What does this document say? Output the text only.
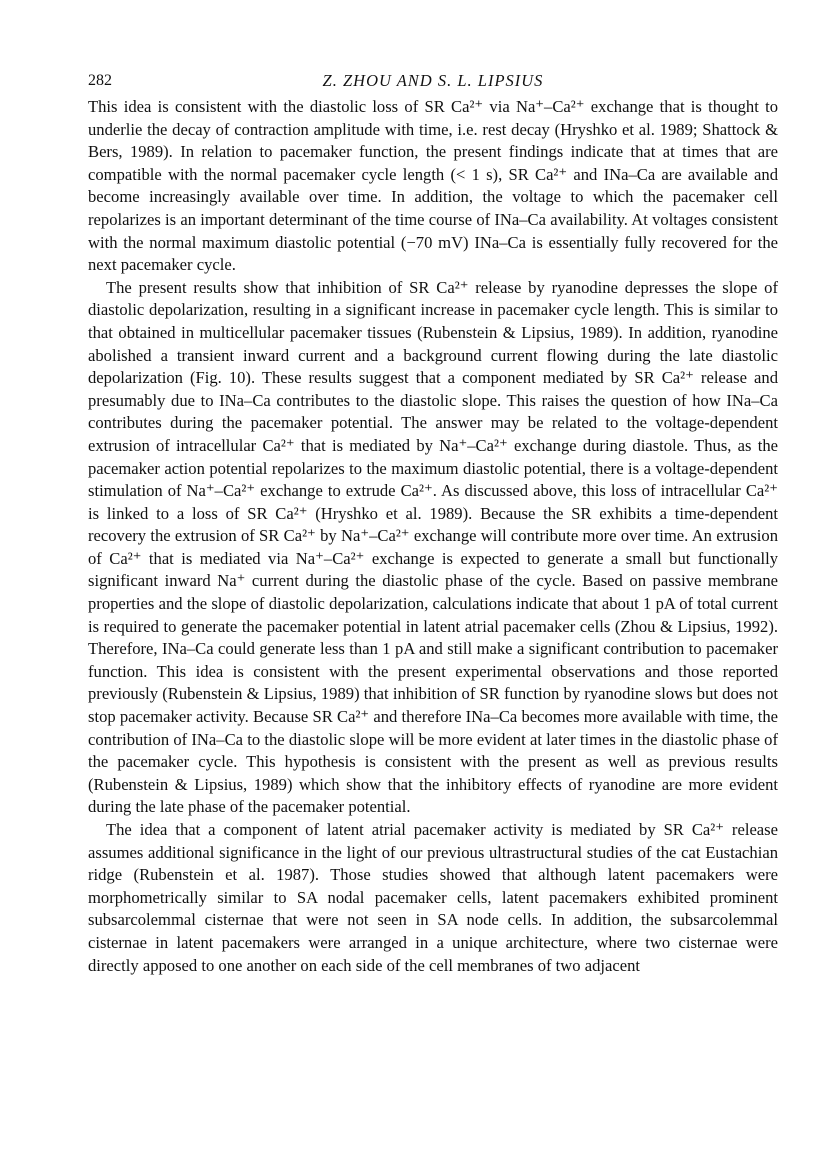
282	Z. ZHOU AND S. L. LIPSIUS

This idea is consistent with the diastolic loss of SR Ca²⁺ via Na⁺–Ca²⁺ exchange that is thought to underlie the decay of contraction amplitude with time, i.e. rest decay (Hryshko et al. 1989; Shattock & Bers, 1989). In relation to pacemaker function, the present findings indicate that at times that are compatible with the normal pacemaker cycle length (< 1 s), SR Ca²⁺ and INa–Ca are available and become increasingly available over time. In addition, the voltage to which the pacemaker cell repolarizes is an important determinant of the time course of INa–Ca availability. At voltages consistent with the normal maximum diastolic potential (−70 mV) INa–Ca is essentially fully recovered for the next pacemaker cycle.

The present results show that inhibition of SR Ca²⁺ release by ryanodine depresses the slope of diastolic depolarization, resulting in a significant increase in pacemaker cycle length. This is similar to that obtained in multicellular pacemaker tissues (Rubenstein & Lipsius, 1989). In addition, ryanodine abolished a transient inward current and a background current flowing during the late diastolic depolarization (Fig. 10). These results suggest that a component mediated by SR Ca²⁺ release and presumably due to INa–Ca contributes to the diastolic slope. This raises the question of how INa–Ca contributes during the pacemaker potential. The answer may be related to the voltage-dependent extrusion of intracellular Ca²⁺ that is mediated by Na⁺–Ca²⁺ exchange during diastole. Thus, as the pacemaker action potential repolarizes to the maximum diastolic potential, there is a voltage-dependent stimulation of Na⁺–Ca²⁺ exchange to extrude Ca²⁺. As discussed above, this loss of intracellular Ca²⁺ is linked to a loss of SR Ca²⁺ (Hryshko et al. 1989). Because the SR exhibits a time-dependent recovery the extrusion of SR Ca²⁺ by Na⁺–Ca²⁺ exchange will contribute more over time. An extrusion of Ca²⁺ that is mediated via Na⁺–Ca²⁺ exchange is expected to generate a small but functionally significant inward Na⁺ current during the diastolic phase of the cycle. Based on passive membrane properties and the slope of diastolic depolarization, calculations indicate that about 1 pA of total current is required to generate the pacemaker potential in latent atrial pacemaker cells (Zhou & Lipsius, 1992). Therefore, INa–Ca could generate less than 1 pA and still make a significant contribution to pacemaker function. This idea is consistent with the present experimental observations and those reported previously (Rubenstein & Lipsius, 1989) that inhibition of SR function by ryanodine slows but does not stop pacemaker activity. Because SR Ca²⁺ and therefore INa–Ca becomes more available with time, the contribution of INa–Ca to the diastolic slope will be more evident at later times in the diastolic phase of the pacemaker cycle. This hypothesis is consistent with the present as well as previous results (Rubenstein & Lipsius, 1989) which show that the inhibitory effects of ryanodine are more evident during the late phase of the pacemaker potential.

The idea that a component of latent atrial pacemaker activity is mediated by SR Ca²⁺ release assumes additional significance in the light of our previous ultrastructural studies of the cat Eustachian ridge (Rubenstein et al. 1987). Those studies showed that although latent pacemakers were morphometrically similar to SA nodal pacemaker cells, latent pacemakers exhibited prominent subsarcolemmal cisternae that were not seen in SA node cells. In addition, the subsarcolemmal cisternae in latent pacemakers were arranged in a unique architecture, where two cisternae were directly apposed to one another on each side of the cell membranes of two adjacent
